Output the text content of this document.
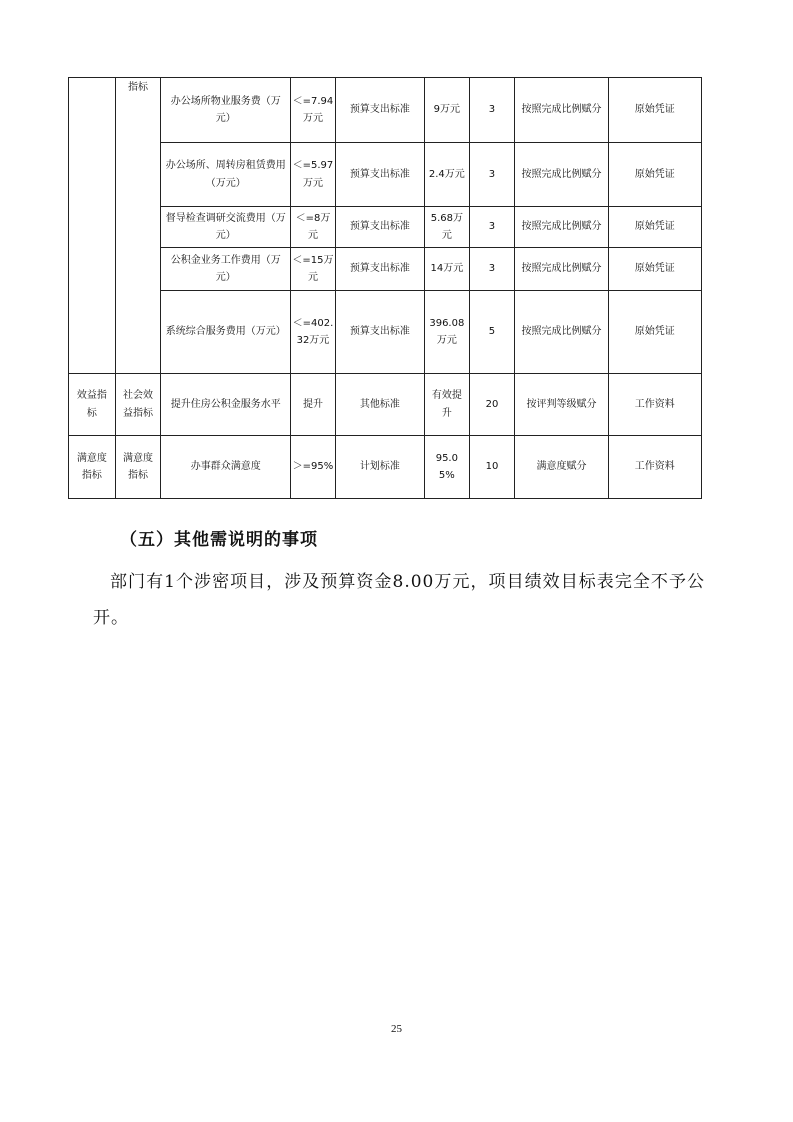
	指标	办公场所物业服务费（万元）	＜=7.94万元	预算支出标准	9万元	3	按照完成比例赋分	原始凭证
		办公场所、周转房租赁费用（万元）	＜=5.97万元	预算支出标准	2.4万元	3	按照完成比例赋分	原始凭证
		督导检查调研交流费用（万元）	＜=8万元	预算支出标准	5.68万元	3	按照完成比例赋分	原始凭证
		公积金业务工作费用（万元）	＜=15万元	预算支出标准	14万元	3	按照完成比例赋分	原始凭证
		系统综合服务费用（万元）	＜=402.32万元	预算支出标准	396.08万元	5	按照完成比例赋分	原始凭证
效益指标	社会效益指标	提升住房公积金服务水平	提升	其他标准	有效提升	20	按评判等级赋分	工作资料
满意度指标	满意度指标	办事群众满意度	＞=95%	计划标准	95.05%	10	满意度赋分	工作资料
（五）其他需说明的事项

部门有1个涉密项目，涉及预算资金8.00万元，项目绩效目标表完全不予公开。

25
